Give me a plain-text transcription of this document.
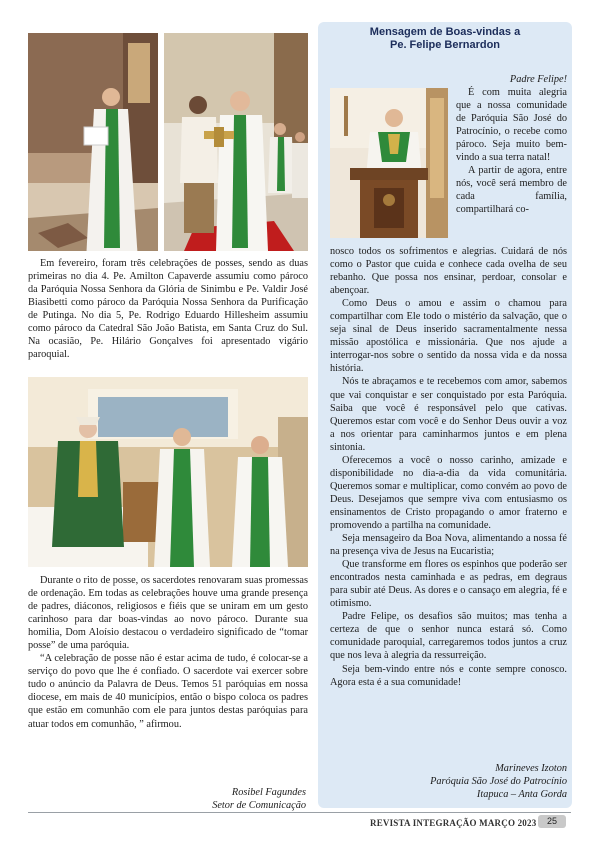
Em fevereiro, foram três celebrações de posses, sendo as duas primeiras no dia 4. Pe. Amilton Capaverde assumiu como pároco da Paróquia Nossa Senhora da Glória de Sinimbu e Pe. Valdir José Biasibetti como pároco da Paróquia Nossa Senhora da Purificação de Putinga. No dia 5, Pe. Rodrigo Eduardo Hillesheim assumiu como pároco da Catedral São João Batista, em Santa Cruz do Sul. Na ocasião, Pe. Hilário Gonçalves foi apresentado vigário paroquial.

Durante o rito de posse, os sacerdotes renovaram suas promessas de ordenação. Em todas as celebrações houve uma grande presença de padres, diáconos, religiosos e fiéis que se uniram em um gesto carinhoso para dar boas-vindas ao novo pároco. Durante sua homilia, Dom Aloísio destacou o verdadeiro significado de “tomar posse” de uma paróquia.

“A celebração de posse não é estar acima de tudo, é colocar-se a serviço do povo que lhe é confiado. O sacerdote vai exercer sobre tudo o anúncio da Palavra de Deus. Temos 51 paróquias em nossa diocese, em mais de 40 municípios, então o bispo coloca os padres que estão em comunhão com ele para juntos destas paróquias para atuar todos em comunhão, ” afirmou.

Rosibel Fagundes
Setor de Comunicação
Mensagem de Boas-vindas a
Pe. Felipe Bernardon
Padre Felipe!

É com muita alegria que a nossa comunidade de Paróquia São José do Patrocínio, o recebe como pároco. Seja muito bem-vindo a sua terra natal!

A partir de agora, entre nós, você será membro de cada família, compartilhará co-

nosco todos os sofrimentos e alegrias. Cuidará de nós como o Pastor que cuida e conhece cada ovelha de seu rebanho. Que possa nos ensinar, perdoar, consolar e abençoar.

Como Deus o amou e assim o chamou para compartilhar com Ele todo o mistério da salvação, que o seja sinal de Deus inserido sacramentalmente nessa missão apostólica e missionária. Que nos ajude a interrogar-nos sobre o sentido da nossa vida e da nossa história.

Nós te abraçamos e te recebemos com amor, sabemos que vai conquistar e ser conquistado por esta Paróquia. Saiba que você é responsável pelo que cativas. Queremos estar com você e do Senhor Deus ouvir a voz a nos orientar para caminharmos juntos e em plena sintonia.

Oferecemos a você o nosso carinho, amizade e disponibilidade no dia-a-dia da vida comunitária. Queremos somar e multiplicar, como convém ao povo de Deus. Desejamos que sempre viva com entusiasmo os ensinamentos de Cristo propagando o amor fraterno e promovendo a partilha na comunidade.

Seja mensageiro da Boa Nova, alimentando a nossa fé na presença viva de Jesus na Eucaristia;

Que transforme em flores os espinhos que poderão ser encontrados nesta caminhada e as pedras, em degraus para subir até Deus. As dores e o cansaço em alegria, fé e otimismo.

Padre Felipe, os desafios são muitos; mas tenha a certeza de que o senhor nunca estará só. Como comunidade paroquial, carregaremos todos juntos a cruz que nos leva à alegria da ressurreição.

Seja bem-vindo entre nós e conte sempre conosco. Agora esta é a sua comunidade!

Marineves Izoton
Paróquia São José do Patrocínio
Itapuca – Anta Gorda
REVISTA INTEGRAÇÃO MARÇO 2023	25
